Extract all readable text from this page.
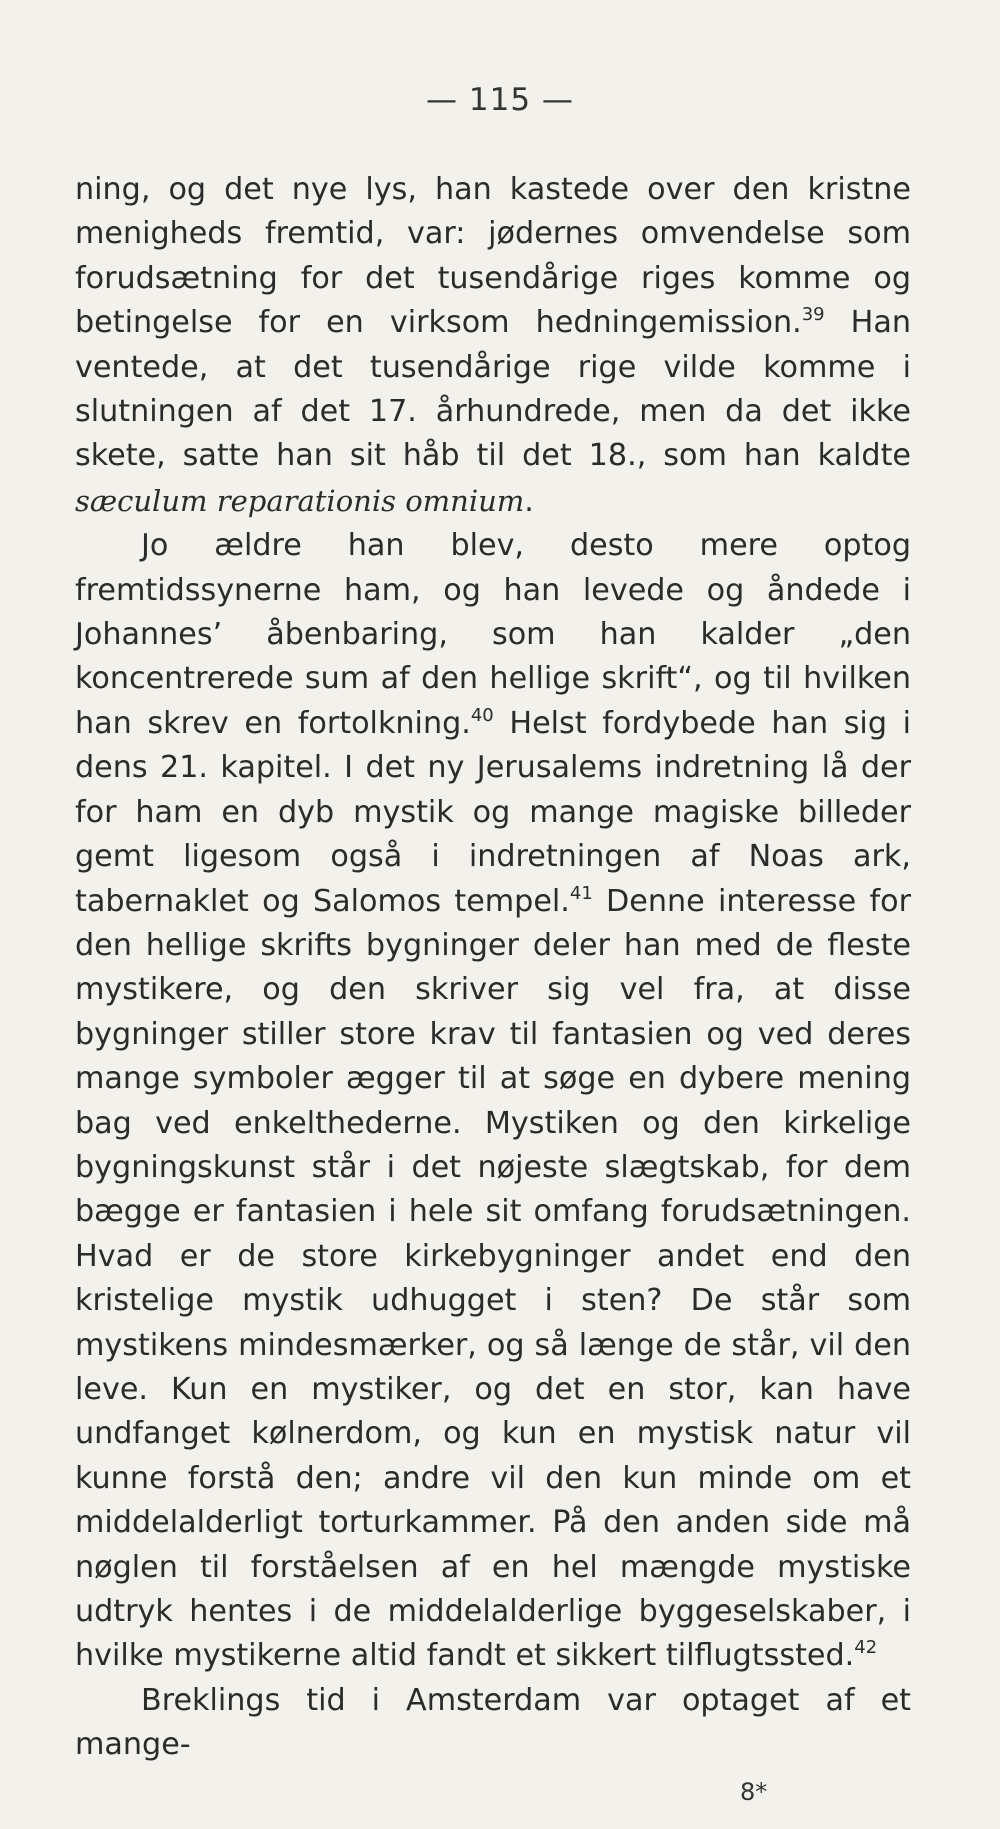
— 115 —

ning, og det nye lys, han kastede over den kristne menigheds fremtid, var: jødernes omvendelse som forudsætning for det tusendårige riges komme og betingelse for en virksom hedningemission.$^{39}$ Han ventede, at det tusendårige rige vilde komme i slutningen af det 17. århundrede, men da det ikke skete, satte han sit håb til det 18., som han kaldte sæculum reparationis omnium.

Jo ældre han blev, desto mere optog fremtidssynerne ham, og han levede og åndede i Johannes’ åbenbaring, som han kalder „den koncentrerede sum af den hellige skrift“, og til hvilken han skrev en fortolkning.$^{40}$ Helst fordybede han sig i dens 21. kapitel. I det ny Jerusalems indretning lå der for ham en dyb mystik og mange magiske billeder gemt ligesom også i indretningen af Noas ark, tabernaklet og Salomos tempel.$^{41}$ Denne interesse for den hellige skrifts bygninger deler han med de fleste mystikere, og den skriver sig vel fra, at disse bygninger stiller store krav til fantasien og ved deres mange symboler ægger til at søge en dybere mening bag ved enkelthederne. Mystiken og den kirkelige bygningskunst står i det nøjeste slægtskab, for dem bægge er fantasien i hele sit omfang forudsætningen. Hvad er de store kirkebygninger andet end den kristelige mystik udhugget i sten? De står som mystikens mindesmærker, og så længe de står, vil den leve. Kun en mystiker, og det en stor, kan have undfanget kølnerdom, og kun en mystisk natur vil kunne forstå den; andre vil den kun minde om et middelalderligt torturkammer. På den anden side må nøglen til forståelsen af en hel mængde mystiske udtryk hentes i de middelalderlige byggeselskaber, i hvilke mystikerne altid fandt et sikkert tilflugtssted.$^{42}$

Breklings tid i Amsterdam var optaget af et mange-

8*
